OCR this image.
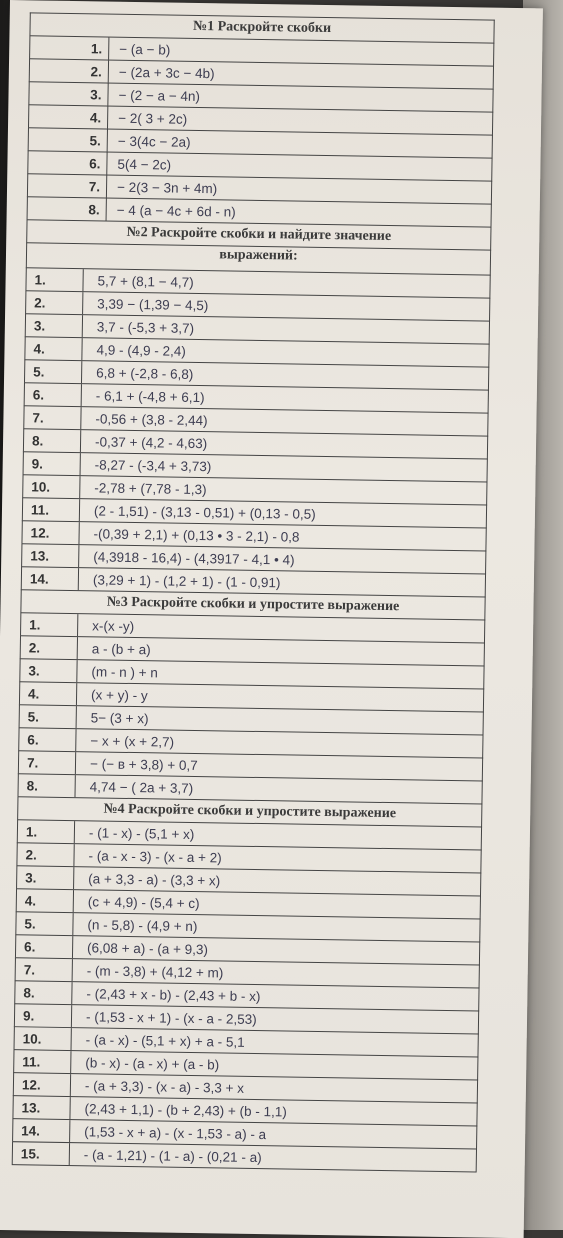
№1 Раскройте скобки
1.	− (a − b)
2.	− (2a + 3c − 4b)
3.	− (2 − a − 4n)
4.	− 2( 3 + 2c)
5.	− 3(4c − 2a)
6.	5(4 − 2c)
7.	− 2(3 − 3n + 4m)
8.	− 4 (a − 4c + 6d - n)
№2 Раскройте скобки и найдите значение
выражений:
1.	5,7 + (8,1 − 4,7)
2.	3,39 − (1,39 − 4,5)
3.	3,7 - (-5,3 + 3,7)
4.	4,9 - (4,9 - 2,4)
5.	6,8 + (-2,8 - 6,8)
6.	- 6,1 + (-4,8 + 6,1)
7.	-0,56 + (3,8 - 2,44)
8.	-0,37 + (4,2 - 4,63)
9.	-8,27 - (-3,4 + 3,73)
10.	-2,78 + (7,78 - 1,3)
11.	(2 - 1,51) - (3,13 - 0,51) + (0,13 - 0,5)
12.	-(0,39 + 2,1) + (0,13 • 3 - 2,1) - 0,8
13.	(4,3918 - 16,4) - (4,3917 - 4,1 • 4)
14.	(3,29 + 1) - (1,2 + 1) - (1 - 0,91)
№3 Раскройте скобки и упростите выражение
1.	x-(x -y)
2.	a - (b + a)
3.	(m - n ) + n
4.	(x + y) - y
5.	5− (3 + x)
6.	− x + (x + 2,7)
7.	− (− в + 3,8) + 0,7
8.	4,74 − ( 2a + 3,7)
№4 Раскройте скобки и упростите выражение
1.	- (1 - x) - (5,1 + x)
2.	- (a - x - 3) - (x - a + 2)
3.	(a + 3,3 - a) - (3,3 + x)
4.	(c + 4,9) - (5,4 + c)
5.	(n - 5,8) - (4,9 + n)
6.	(6,08 + a) - (a + 9,3)
7.	- (m - 3,8) + (4,12 + m)
8.	- (2,43 + x - b) - (2,43 + b - x)
9.	- (1,53 - x + 1) - (x - a - 2,53)
10.	- (a - x) - (5,1 + x) + a - 5,1
11.	(b - x) - (a - x) + (a - b)
12.	- (a + 3,3) - (x - a) - 3,3 + x
13.	(2,43 + 1,1) - (b + 2,43) + (b - 1,1)
14.	(1,53 - x + a) - (x - 1,53 - a) - a
15.	- (a - 1,21) - (1 - a) - (0,21 - a)
